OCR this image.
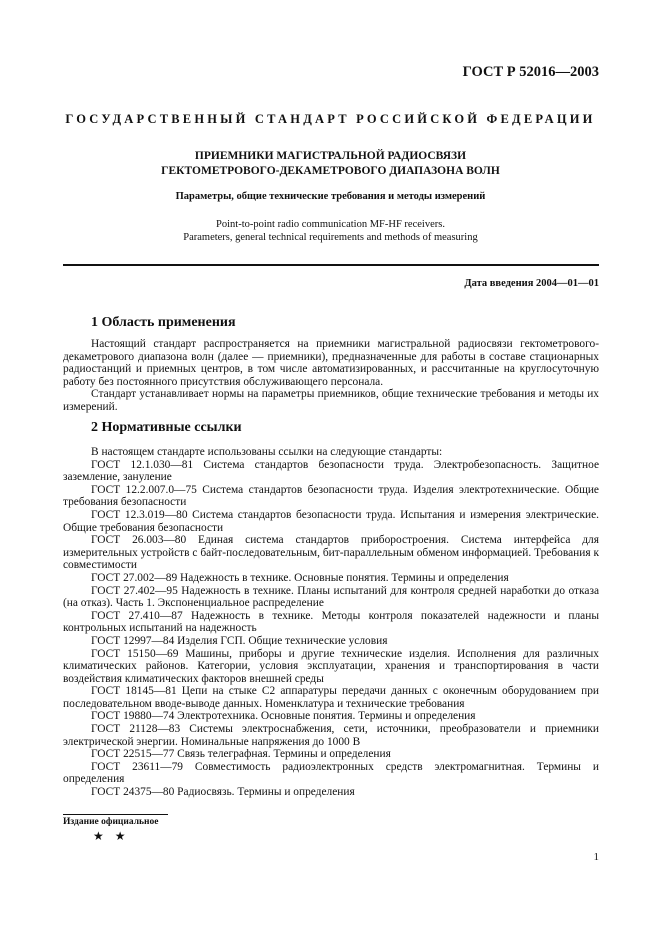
ГОСТ Р 52016—2003
ГОСУДАРСТВЕННЫЙ СТАНДАРТ РОССИЙСКОЙ ФЕДЕРАЦИИ
ПРИЕМНИКИ МАГИСТРАЛЬНОЙ РАДИОСВЯЗИ
ГЕКТОМЕТРОВОГО-ДЕКАМЕТРОВОГО ДИАПАЗОНА ВОЛН
Параметры, общие технические требования и методы измерений
Point-to-point radio communication MF-HF receivers.
Parameters, general technical requirements and methods of measuring
Дата введения 2004—01—01
1 Область применения

Настоящий стандарт распространяется на приемники магистральной радиосвязи гектометрового-декаметрового диапазона волн (далее — приемники), предназначенные для работы в составе стационарных радиостанций и приемных центров, в том числе автоматизированных, и рассчитанные на круглосуточную работу без постоянного присутствия обслуживающего персонала.

Стандарт устанавливает нормы на параметры приемников, общие технические требования и методы их измерений.

2 Нормативные ссылки

В настоящем стандарте использованы ссылки на следующие стандарты:

ГОСТ 12.1.030—81 Система стандартов безопасности труда. Электробезопасность. Защитное заземление, зануление

ГОСТ 12.2.007.0—75 Система стандартов безопасности труда. Изделия электротехнические. Общие требования безопасности

ГОСТ 12.3.019—80 Система стандартов безопасности труда. Испытания и измерения электрические. Общие требования безопасности

ГОСТ 26.003—80 Единая система стандартов приборостроения. Система интерфейса для измерительных устройств с байт-последовательным, бит-параллельным обменом информацией. Требования к совместимости

ГОСТ 27.002—89 Надежность в технике. Основные понятия. Термины и определения

ГОСТ 27.402—95 Надежность в технике. Планы испытаний для контроля средней наработки до отказа (на отказ). Часть 1. Экспоненциальное распределение

ГОСТ 27.410—87 Надежность в технике. Методы контроля показателей надежности и планы контрольных испытаний на надежность

ГОСТ 12997—84 Изделия ГСП. Общие технические условия

ГОСТ 15150—69 Машины, приборы и другие технические изделия. Исполнения для различных климатических районов. Категории, условия эксплуатации, хранения и транспортирования в части воздействия климатических факторов внешней среды

ГОСТ 18145—81 Цепи на стыке С2 аппаратуры передачи данных с оконечным оборудованием при последовательном вводе-выводе данных. Номенклатура и технические требования

ГОСТ 19880—74 Электротехника. Основные понятия. Термины и определения

ГОСТ 21128—83 Системы электроснабжения, сети, источники, преобразователи и приемники электрической энергии. Номинальные напряжения до 1000 В

ГОСТ 22515—77 Связь телеграфная. Термины и определения

ГОСТ 23611—79 Совместимость радиоэлектронных средств электромагнитная. Термины и определения

ГОСТ 24375—80 Радиосвязь. Термины и определения

Издание официальное
★ ★
1
